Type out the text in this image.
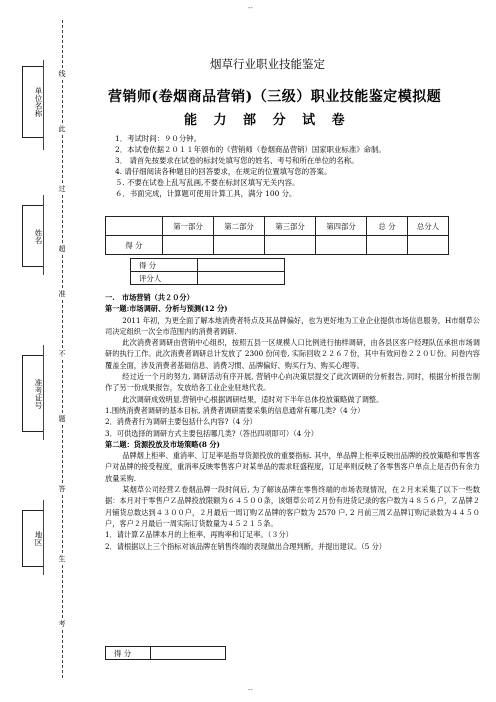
--
--
单位名称
姓名
准考证号
地区
考
生
答
题
不
准
超
过
此
线
烟草行业职业技能鉴定
营销师(卷烟商品营销)（三级）职业技能鉴定模拟题
能 力 部 分 试 卷
1．考试时间：９０分钟。
2．本试卷依据２０１１年颁布的《营销师（卷烟商品营销）国家职业标准》命制。
3． 请首先按要求在试卷的标封处填写您的姓名、考号和所在单位的名称。
4. 请仔细阅读各种题目的回答要求，在规定的位置填写您的答案。
５. 不要在试卷上乱写乱画,不要在标封区填写无关内容。
６．书面完成，计算题可使用计算工具，满分 100 分。
	第一部分	第二部分	第三部分	第四部分	总 分	总分人
得 分						
得 分	
评分人	

一.　市场营销（共２０分）

第一题:市场调研、分析与预测(12 分)

2011 年初，为更全面了解本地消费者特点及其品牌偏好，也为更好地为工业企业提供市场信息服务，H市烟草公司决定组织一次全市范围内的消费者调研.

此次消费者调研由营销中心组织，按照五县一区规模人口比例进行抽样调研，由各县区客户经理队伍承担市场调研的执行工作。此次消费者调研总计发放了 2300 份问卷, 实际回收２２６７份，其中有效问卷２２０Ｕ份。问卷内容覆盖全面，涉及消费者基础信息、消费习惯、品牌偏好、购买行为、购买心理等。

经过近一个月的努力, 调研活动有序开展, 营销中心向决策层提交了此次调研的分析报告, 同时，根据分析报告制作了另一份成果报告，发放给各工业企业驻地代表。

此次调研成效明显.营销中心根据调研结果，适时对下半年总体投放策略做了调整。

1.围绕消费者调研的基本目标, 消费者调研需要采集的信息通常有哪几类?（4 分）

2．消费者行为调研主要包括什么内容?（4 分）

3．可供选择的调研方式主要包括哪几类?（答出四项即可）（4 分）

第二题：货源投放及市场策略(8 分)

品牌烟上柜率、重消率、订足率是指导货源投放的重要指标. 其中，单品牌上柜率反映出品牌的投放策略和零售客户对品牌的接受程度，重消率反映零售客户对某单品的需求旺盛程度，订足率则反映了各零售客户单点上是否仍有余力放量采购.

某烟草公司经营Ｚ卷烟品牌一段时间后, 为了解该品牌在零售终端的市场表现情况，在２月末采集了以下一些数据：本月对于零售户Ｚ品牌投放限额为６４５００条，该烟草公司Ｚ月份有进货记录的客户数为４８５６户，Ｚ品牌２月铺货总数达到４３００户，２月最后一周订购Ｚ品牌的客户数为 2570 户, 2 月前三周Ｚ品牌订购记录数为４４５０户，客户２月最后一周实际订货数量为４５２１５条。

1．请计算Ｚ品牌本月的上柜率、再购率和订足率。（３分）

2．请根据以上三个指标对该品牌在销售终端的表现做出合理判断，并提出建议。（5 分）

得 分	
